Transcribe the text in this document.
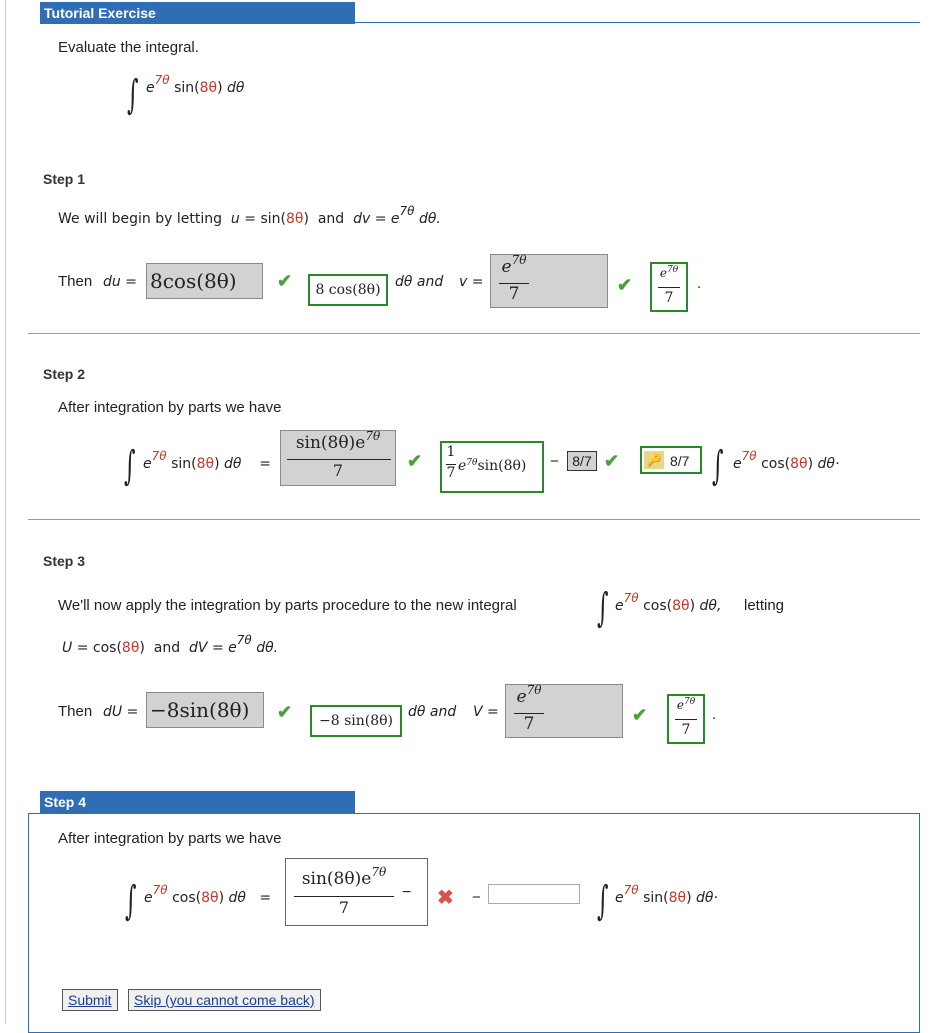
Tutorial Exercise
Evaluate the integral.
∫ e7θ sin(8θ) dθ
Step 1
We will begin by letting u = sin(8θ) and dv = e7θ dθ.
Then du = 8cos(8θ)	✔	8 cos(8θ)	dθ and v =
$e^{7\theta}$
7	✔
$e^{7\theta}$
7
.
Step 2
After integration by parts we have
∫ e7θ sin(8θ) dθ =
$\sin(8\theta)e^{7\theta}$
7	✔ 1
7 $e^{7\theta}\sin(8\theta)$	− 8/7 ✔ 🔑 8/7 ∫ e7θ cos(8θ) dθ·
Step 3
We'll now apply the integration by parts procedure to the new integral ∫ e7θ cos(8θ) dθ, letting
U = cos(8θ) and dV = e7θ dθ.
Then dU = −8sin(8θ)	✔	−8 sin(8θ)
dθ and V =
$e^{7\theta}$
7	✔	$e^{7\theta}$
7
.
Step 4
After integration by parts we have
∫ e7θ cos(8θ) dθ =
$\sin(8\theta)e^{7\theta}$
7
− ✖ −	∫ e7θ sin(8θ) dθ·
Submit	Skip (you cannot come back)
